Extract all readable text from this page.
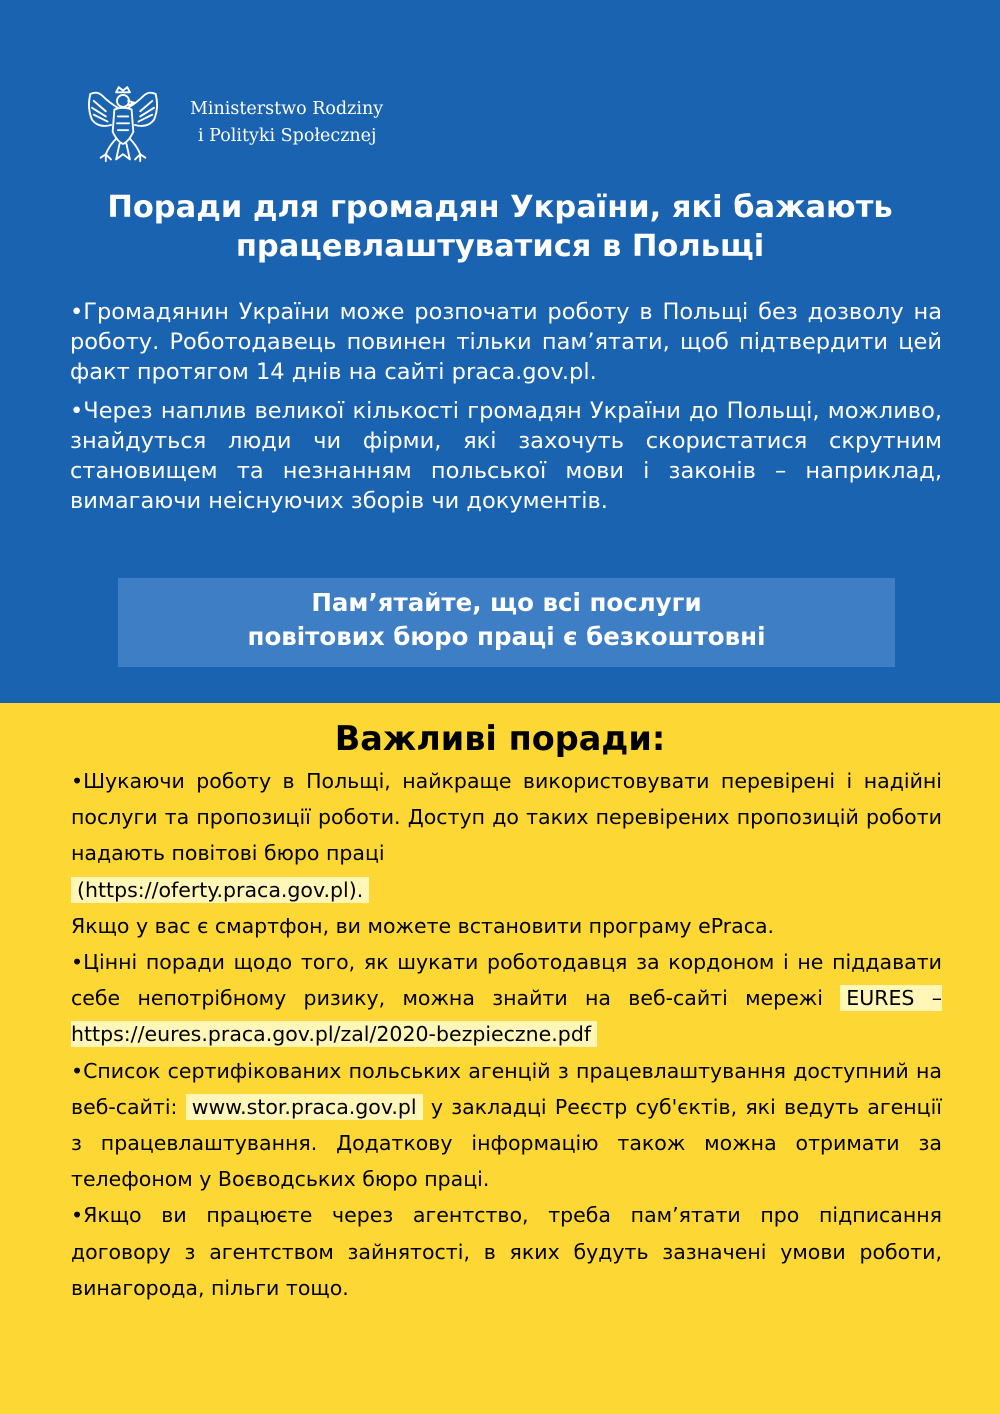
Ministerstwo Rodziny
i Polityki Społecznej
Поради для громадян України, які бажають
працевлаштуватися в Польщі

•Громадянин України може розпочати роботу в Польщі без дозволу на роботу. Роботодавець повинен тільки пам’ятати, щоб підтвердити цей факт протягом 14 днів на сайті praca.gov.pl.

•Через наплив великої кількості громадян України до Польщі, можливо, знайдуться люди чи фірми, які захочуть скористатися скрутним становищем та незнанням польської мови і законів – наприклад, вимагаючи неіснуючих зборів чи документів.

Пам’ятайте, що всі послуги
повітових бюро праці є безкоштовні
Важливі поради:

•Шукаючи роботу в Польщі, найкраще використовувати перевірені і надійні послуги та пропозиції роботи. Доступ до таких перевірених пропозицій роботи надають повітові бюро праці

(https://oferty.praca.gov.pl).

Якщо у вас є смартфон, ви можете встановити програму ePraca.

•Цінні поради щодо того, як шукати роботодавця за кордоном і не піддавати себе непотрібному ризику, можна знайти на веб-сайті мережі EURES – https://eures.praca.gov.pl/zal/2020-bezpieczne.pdf

•Список сертифікованих польських агенцій з працевлаштування доступний на веб-сайті: www.stor.praca.gov.pl у закладці Реєстр суб'єктів, які ведуть агенції з працевлаштування. Додаткову інформацію також можна отримати за телефоном у Воєводських бюро праці.

•Якщо ви працюєте через агентство, треба пам’ятати про підписання договору з агентством зайнятості, в яких будуть зазначені умови роботи, винагорода, пільги тощо.
